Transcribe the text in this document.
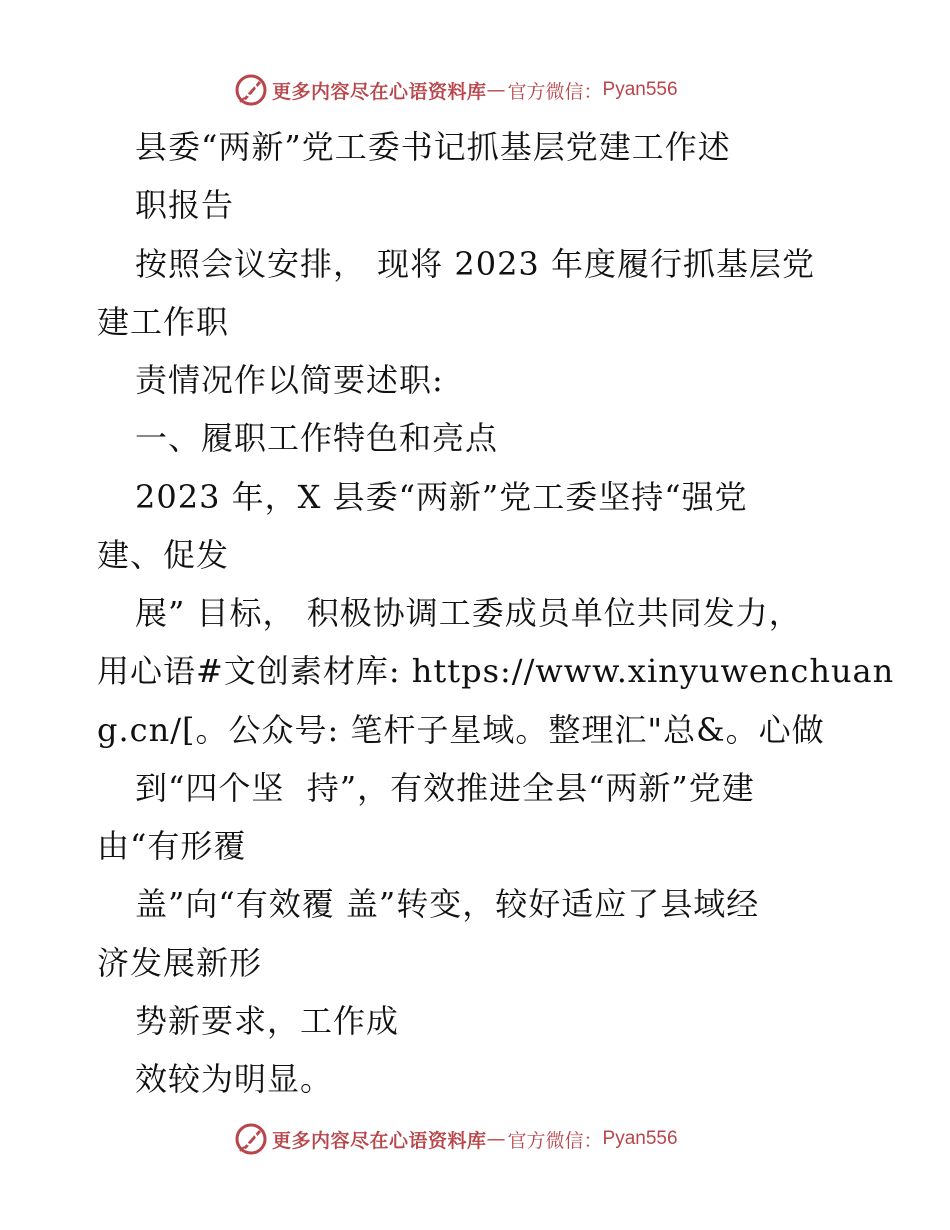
更多内容尽在心语资料库 — 官方微信： Pyan556
县委“两新”党工委书记抓基层党建工作述
职报告
按照会议安排， 现将 2023 年度履行抓基层党
建工作职
责情况作以简要述职:
一、履职工作特色和亮点
2023 年，X 县委“两新”党工委坚持“强党
建、促发
展” 目标， 积极协调工委成员单位共同发力，
用心语#文创素材库: https://www.xinyuwenchuan
g.cn/[。公众号: 笔杆子星域。整理汇"总&。心做
到“四个坚  持”，有效推进全县“两新”党建
由“有形覆
盖”向“有效覆 盖”转变，较好适应了县域经
济发展新形
势新要求，工作成
效较为明显。
更多内容尽在心语资料库 — 官方微信： Pyan556
